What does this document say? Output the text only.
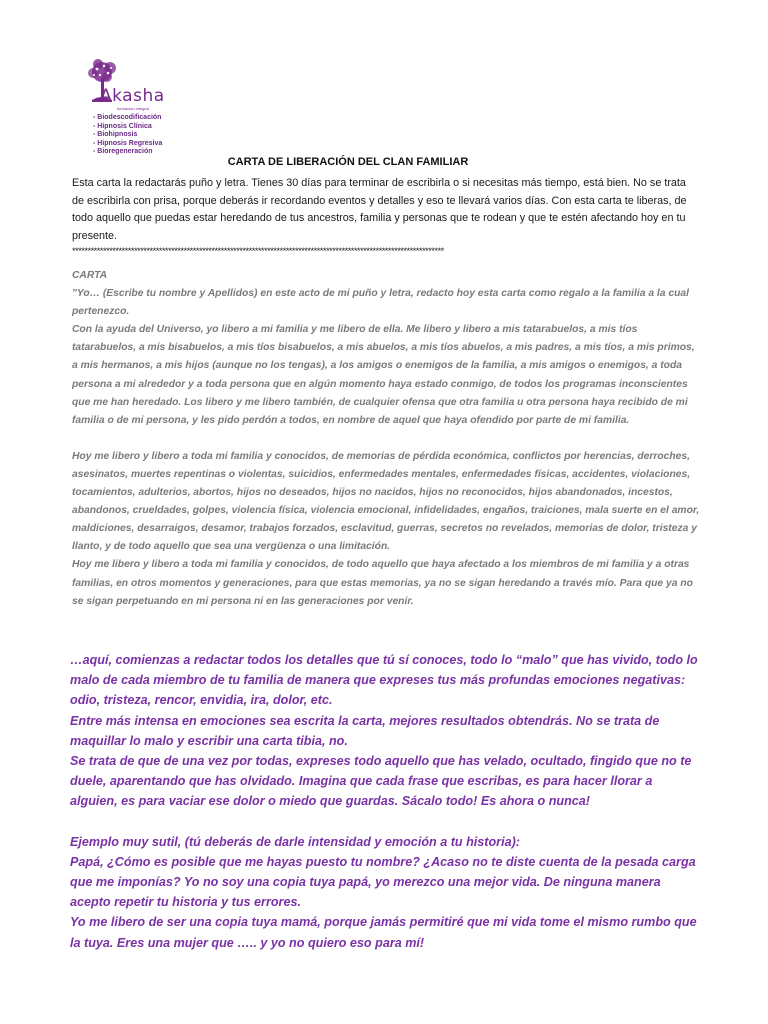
Akasha
formación integral
- Biodescodificación
- Hipnosis Clínica
- Biohipnosis
- Hipnosis Regresiva
- Bioregeneración
CARTA DE LIBERACIÓN DEL CLAN FAMILIAR
Esta carta la redactarás puño y letra. Tienes 30 días para terminar de escribirla o si necesitas más tiempo, está bien. No se trata de escribirla con prisa, porque deberás ir recordando eventos y detalles y eso te llevará varios días. Con esta carta te liberas, de todo aquello que puedas estar heredando de tus ancestros, familia y personas que te rodean y que te estén afectando hoy en tu presente.
************************************************************************************************************************

CARTA

"Yo… (Escribe tu nombre y Apellidos) en este acto de mi puño y letra, redacto hoy esta carta como regalo a la familia a la cual pertenezco.

Con la ayuda del Universo, yo libero a mi familia y me libero de ella. Me libero y libero a mis tatarabuelos, a mis tíos tatarabuelos, a mis bisabuelos, a mis tíos bisabuelos, a mis abuelos, a mis tíos abuelos, a mis padres, a mis tíos, a mis primos, a mis hermanos, a mis hijos (aunque no los tengas), a los amigos o enemigos de la familia, a mis amigos o enemigos, a toda persona a mi alrededor y a toda persona que en algún momento haya estado conmigo, de todos los programas inconscientes que me han heredado. Los libero y me libero también, de cualquier ofensa que otra familia u otra persona haya recibido de mi familia o de mi persona, y les pido perdón a todos, en nombre de aquel que haya ofendido por parte de mi familia.

Hoy me libero y libero a toda mi familia y conocidos, de memorias de pérdida económica, conflictos por herencias, derroches, asesinatos, muertes repentinas o violentas, suicidios, enfermedades mentales, enfermedades físicas, accidentes, violaciones, tocamientos, adulterios, abortos, hijos no deseados, hijos no nacidos, hijos no reconocidos, hijos abandonados, incestos, abandonos, crueldades, golpes, violencia física, violencia emocional, infidelidades, engaños, traiciones, mala suerte en el amor, maldiciones, desarraigos, desamor, trabajos forzados, esclavitud, guerras, secretos no revelados, memorias de dolor, tristeza y llanto, y de todo aquello que sea una vergüenza o una limitación.

Hoy me libero y libero a toda mi familia y conocidos, de todo aquello que haya afectado a los miembros de mi familia y a otras familias, en otros momentos y generaciones, para que estas memorias, ya no se sigan heredando a través mío. Para que ya no se sigan perpetuando en mi persona ni en las generaciones por venir.

…aquí, comienzas a redactar todos los detalles que tú sí conoces, todo lo “malo” que has vivido, todo lo malo de cada miembro de tu familia de manera que expreses tus más profundas emociones negativas: odio, tristeza, rencor, envidia, ira, dolor, etc.

Entre más intensa en emociones sea escrita la carta, mejores resultados obtendrás. No se trata de maquillar lo malo y escribir una carta tibia, no.

Se trata de que de una vez por todas, expreses todo aquello que has velado, ocultado, fingido que no te duele, aparentando que has olvidado. Imagina que cada frase que escribas, es para hacer llorar a alguien, es para vaciar ese dolor o miedo que guardas. Sácalo todo! Es ahora o nunca!

Ejemplo muy sutil, (tú deberás de darle intensidad y emoción a tu historia):

Papá, ¿Cómo es posible que me hayas puesto tu nombre? ¿Acaso no te diste cuenta de la pesada carga que me imponías? Yo no soy una copia tuya papá, yo merezco una mejor vida. De ninguna manera acepto repetir tu historia y tus errores.

Yo me libero de ser una copia tuya mamá, porque jamás permitiré que mi vida tome el mismo rumbo que la tuya. Eres una mujer que ….. y yo no quiero eso para mí!
